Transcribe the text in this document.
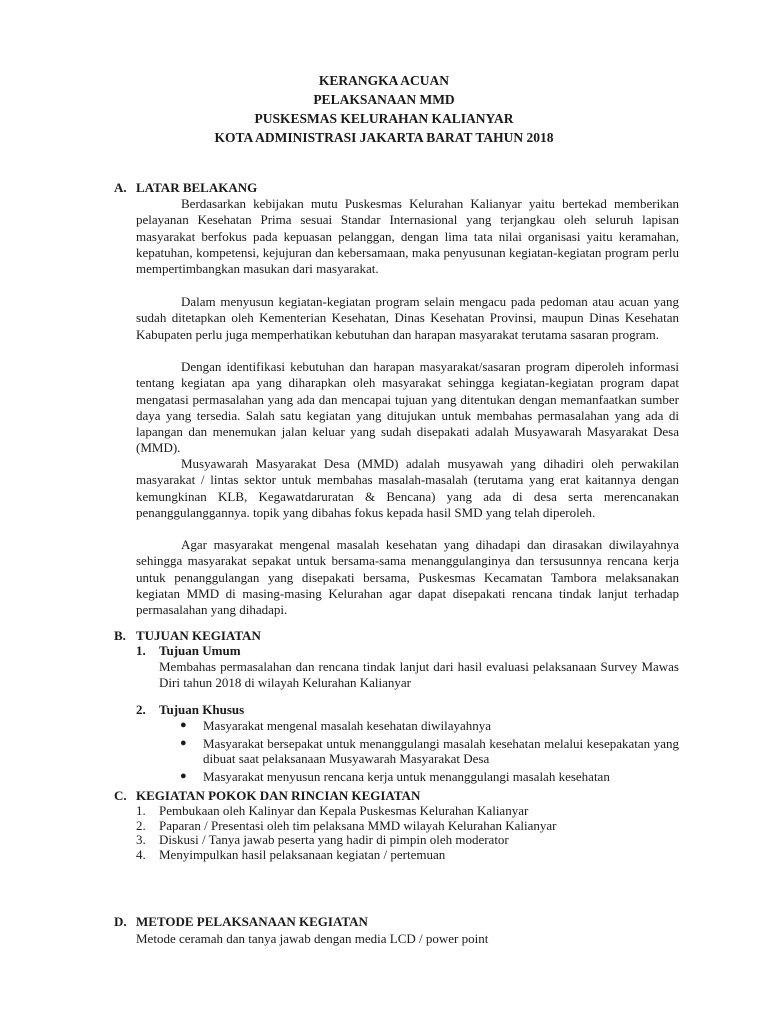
KERANGKA ACUAN
PELAKSANAAN MMD
PUSKESMAS KELURAHAN KALIANYAR
KOTA ADMINISTRASI JAKARTA BARAT TAHUN 2018
A. LATAR BELAKANG

Berdasarkan kebijakan mutu Puskesmas Kelurahan Kalianyar yaitu bertekad memberikan pelayanan Kesehatan Prima sesuai Standar Internasional yang terjangkau oleh seluruh lapisan masyarakat berfokus pada kepuasan pelanggan, dengan lima tata nilai organisasi yaitu keramahan, kepatuhan, kompetensi, kejujuran dan kebersamaan, maka penyusunan kegiatan-kegiatan program perlu mempertimbangkan masukan dari masyarakat.

Dalam menyusun kegiatan-kegiatan program selain mengacu pada pedoman atau acuan yang sudah ditetapkan oleh Kementerian Kesehatan, Dinas Kesehatan Provinsi, maupun Dinas Kesehatan Kabupaten perlu juga memperhatikan kebutuhan dan harapan masyarakat terutama sasaran program.

Dengan identifikasi kebutuhan dan harapan masyarakat/sasaran program diperoleh informasi tentang kegiatan apa yang diharapkan oleh masyarakat sehingga kegiatan-kegiatan program dapat mengatasi permasalahan yang ada dan mencapai tujuan yang ditentukan dengan memanfaatkan sumber daya yang tersedia. Salah satu kegiatan yang ditujukan untuk membahas permasalahan yang ada di lapangan dan menemukan jalan keluar yang sudah disepakati adalah Musyawarah Masyarakat Desa (MMD).

Musyawarah Masyarakat Desa (MMD) adalah musyawah yang dihadiri oleh perwakilan masyarakat / lintas sektor untuk membahas masalah-masalah (terutama yang erat kaitannya dengan kemungkinan KLB, Kegawatdaruratan & Bencana) yang ada di desa serta merencanakan penanggulanggannya. topik yang dibahas fokus kepada hasil SMD yang telah diperoleh.

Agar masyarakat mengenal masalah kesehatan yang dihadapi dan dirasakan diwilayahnya sehingga masyarakat sepakat untuk bersama-sama menanggulanginya dan tersusunnya rencana kerja untuk penanggulangan yang disepakati bersama, Puskesmas Kecamatan Tambora melaksanakan kegiatan MMD di masing-masing Kelurahan agar dapat disepakati rencana tindak lanjut terhadap permasalahan yang dihadapi.

B. TUJUAN KEGIATAN
1. Tujuan Umum

Membahas permasalahan dan rencana tindak lanjut dari hasil evaluasi pelaksanaan Survey Mawas Diri tahun 2018 di wilayah Kelurahan Kalianyar

2. Tujuan Khusus
● Masyarakat mengenal masalah kesehatan diwilayahnya
● Masyarakat bersepakat untuk menanggulangi masalah kesehatan melalui kesepakatan yang dibuat saat pelaksanaan Musyawarah Masyarakat Desa
● Masyarakat menyusun rencana kerja untuk menanggulangi masalah kesehatan
C. KEGIATAN POKOK DAN RINCIAN KEGIATAN
1. Pembukaan oleh Kalinyar dan Kepala Puskesmas Kelurahan Kalianyar
2. Paparan / Presentasi oleh tim pelaksana MMD wilayah Kelurahan Kalianyar
3. Diskusi / Tanya jawab peserta yang hadir di pimpin oleh moderator
4. Menyimpulkan hasil pelaksanaan kegiatan / pertemuan
D. METODE PELAKSANAAN KEGIATAN
Metode ceramah dan tanya jawab dengan media LCD / power point
